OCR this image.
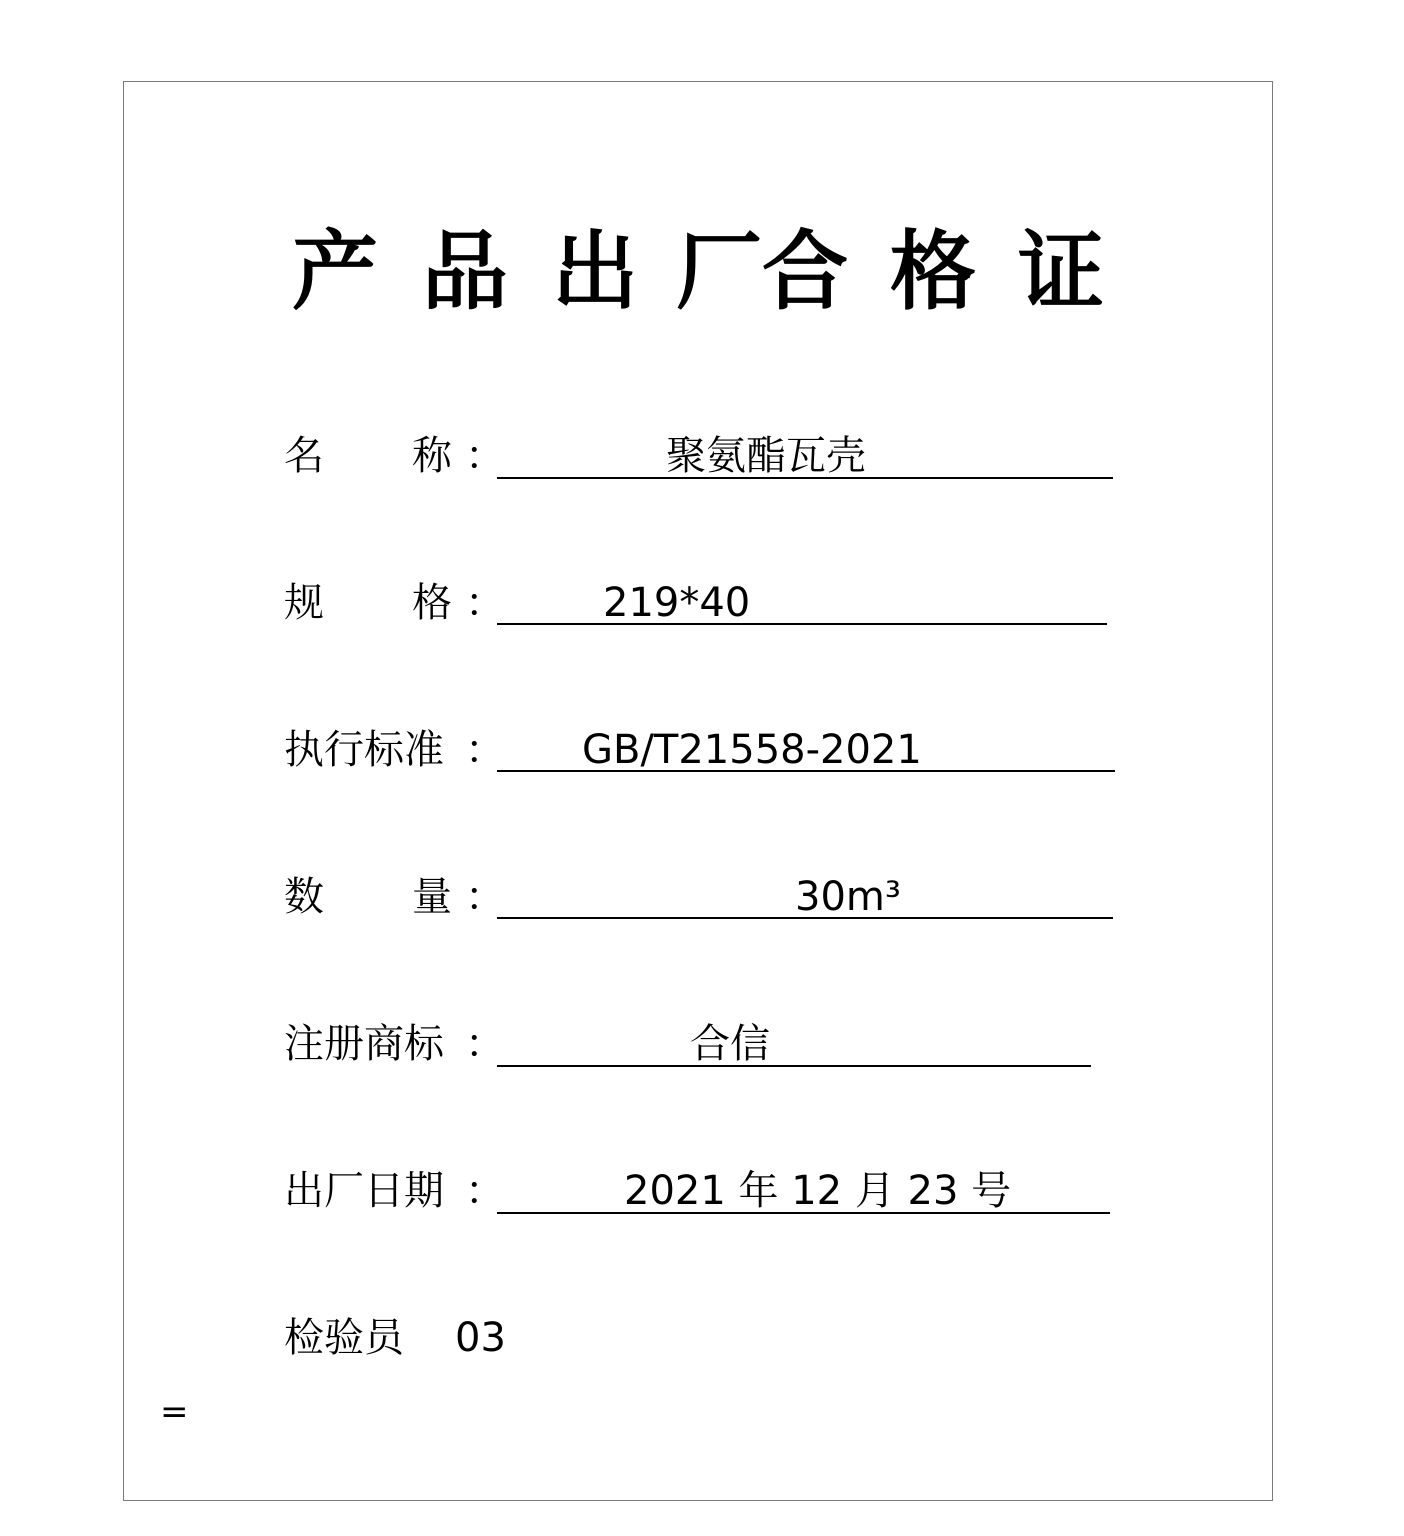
产 品 出 厂 合 格 证
名 称 ：	聚氨酯瓦壳
规 格 ： 219*40
执行标准 ： GB/T21558-2021
数 量 ：	30m³
注册商标 ：	合信
出厂日期 ：	2021 年 12 月 23 号
检验员 03
=
